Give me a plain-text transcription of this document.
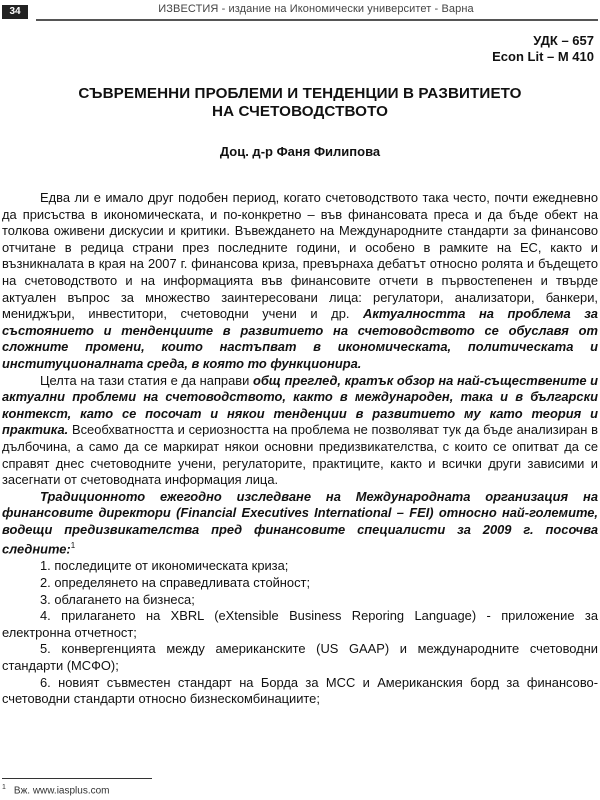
34	ИЗВЕСТИЯ - издание на Икономически университет - Варна
УДК – 657
Econ Lit – M 410
СЪВРЕМЕННИ ПРОБЛЕМИ И ТЕНДЕНЦИИ В РАЗВИТИЕТО
НА СЧЕТОВОДСТВОТО
Доц. д-р Фаня Филипова

Едва ли е имало друг подобен период, когато счетоводството така често, почти ежедневно да присъства в икономическата, и по-конкретно – във финансовата преса и да бъде обект на толкова оживени дискусии и критики. Въвеждането на Международните стандарти за финансово отчитане в редица страни през последните години, и особено в рамките на ЕС, както и възникналата в края на 2007 г. финансова криза, превърнаха дебатът относно ролята и бъдещето на счетоводството и на информацията във финансовите отчети в първостепенен и твърде актуален въпрос за множество заинтересовани лица: регулатори, анализатори, банкери, мениджъри, инвеститори, счетоводни учени и др. Актуалността на проблема за състоянието и тенденциите в развитието на счетоводството се обуславя от сложните промени, които настъпват в икономическата, политическата и институционалната среда, в която то функционира.

Целта на тази статия е да направи общ преглед, кратък обзор на най-съществените и актуални проблеми на счетоводството, както в международен, така и в български контекст, като се посочат и някои тенденции в развитието му като теория и практика. Всеобхватността и сериозността на проблема не позволяват тук да бъде анализиран в дълбочина, а само да се маркират някои основни предизвикателства, с които се опитват да се справят днес счетоводните учени, регулаторите, практиците, както и всички други зависими и засегнати от счетоводната информация лица.

Традиционното ежегодно изследване на Международната организация на финансовите директори (Financial Executives International – FEI) относно най-големите, водещи предизвикателства пред финансовите специалисти за 2009 г. посочва следните:$^1$

1. последиците от икономическата криза;

2. определянето на справедливата стойност;

3. облагането на бизнеса;

4. прилагането на XBRL (eXtensible Business Reporing Language) - приложение за електронна отчетност;

5. конвергенцията между американските (US GAAP) и международните счетоводни стандарти (МСФО);

6. новият съвместен стандарт на Борда за МСС и Американския борд за финансово-счетоводни стандарти относно бизнескомбинациите;

$^1$ Вж. www.iasplus.com
